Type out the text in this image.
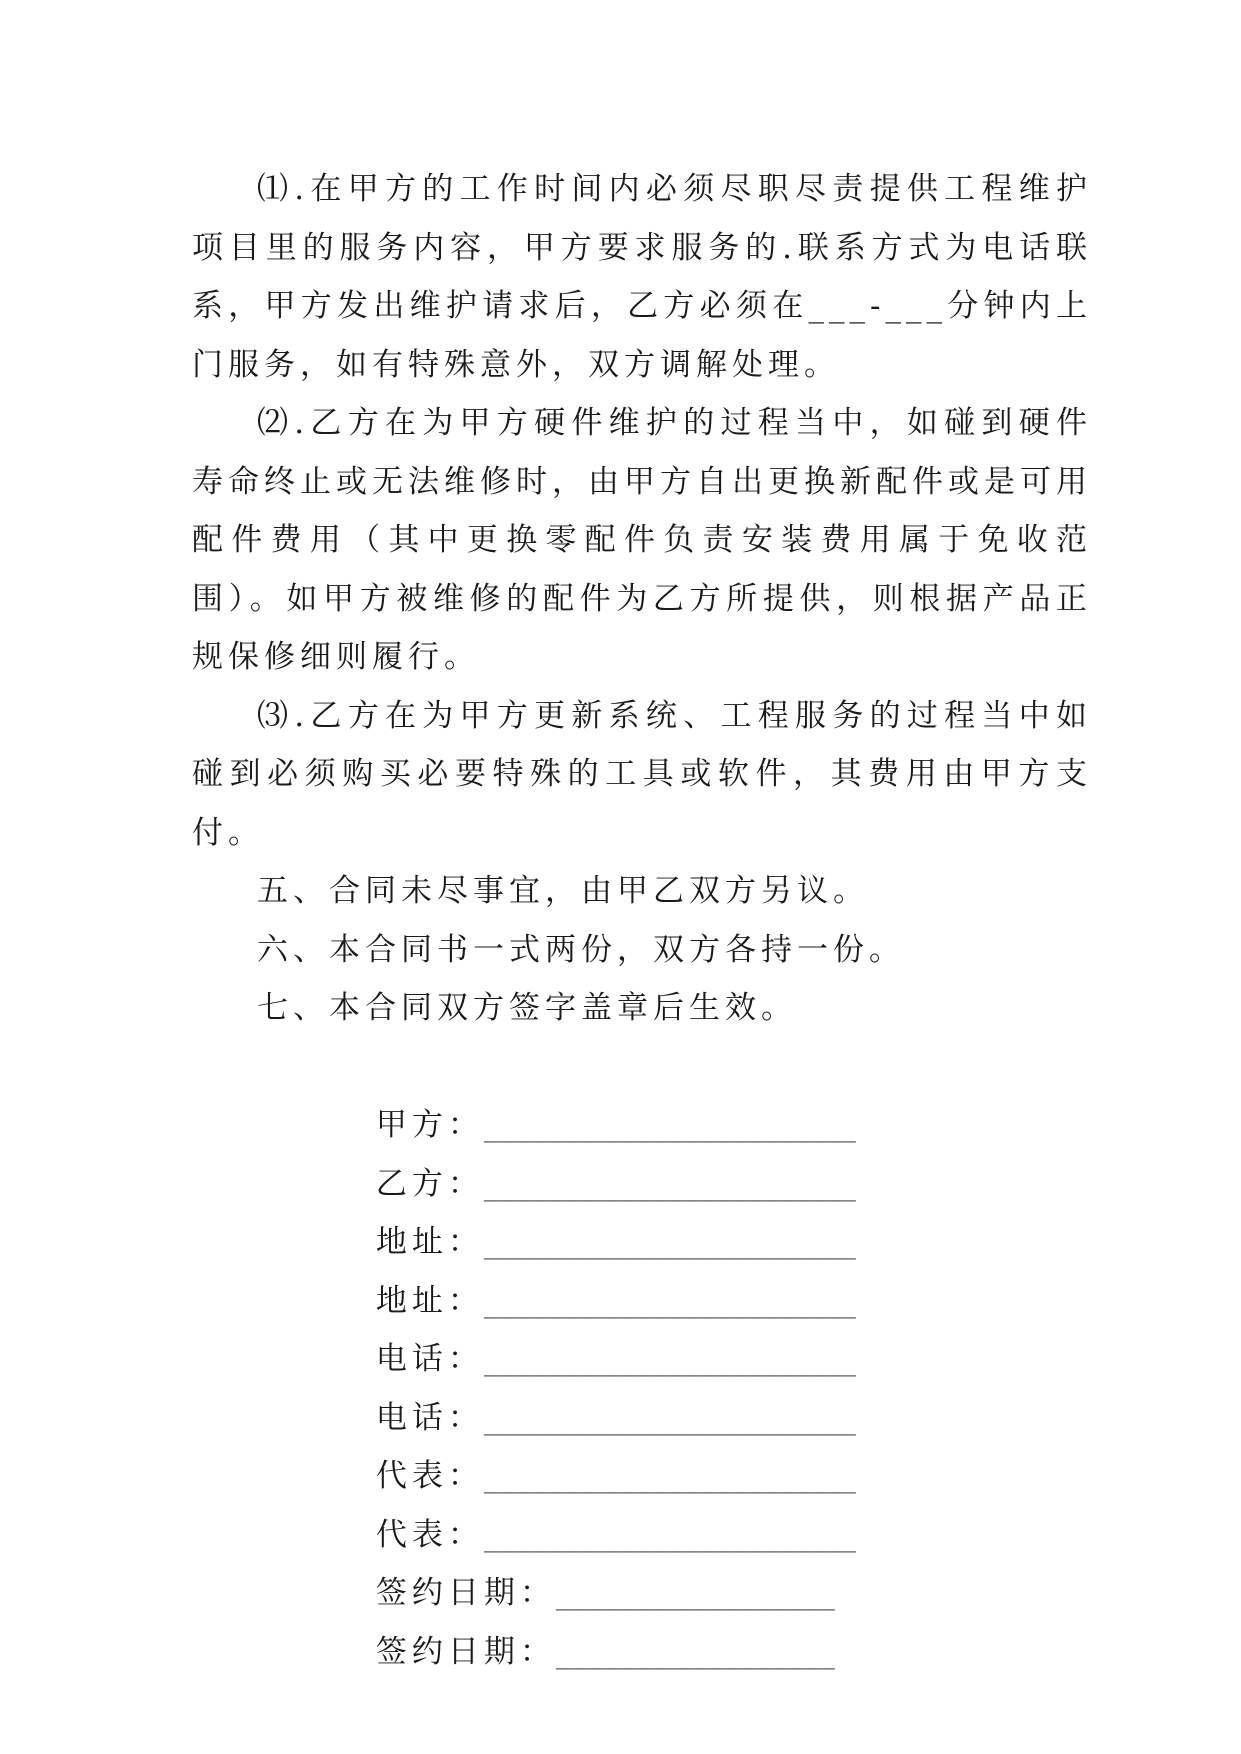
⑴.在甲方的工作时间内必须尽职尽责提供工程维护项目里的服务内容，甲方要求服务的.联系方式为电话联系，甲方发出维护请求后，乙方必须在___-___分钟内上门服务，如有特殊意外，双方调解处理。

⑵.乙方在为甲方硬件维护的过程当中，如碰到硬件寿命终止或无法维修时，由甲方自出更换新配件或是可用配件费用（其中更换零配件负责安装费用属于免收范围）。如甲方被维修的配件为乙方所提供，则根据产品正规保修细则履行。

⑶.乙方在为甲方更新系统、工程服务的过程当中如碰到必须购买必要特殊的工具或软件，其费用由甲方支付。

五、合同未尽事宜，由甲乙双方另议。

六、本合同书一式两份，双方各持一份。

七、本合同双方签字盖章后生效。

甲方：________________________

乙方：________________________

地址：________________________

地址：________________________

电话：________________________

电话：________________________

代表：________________________

代表：________________________

签约日期：__________________

签约日期：__________________
